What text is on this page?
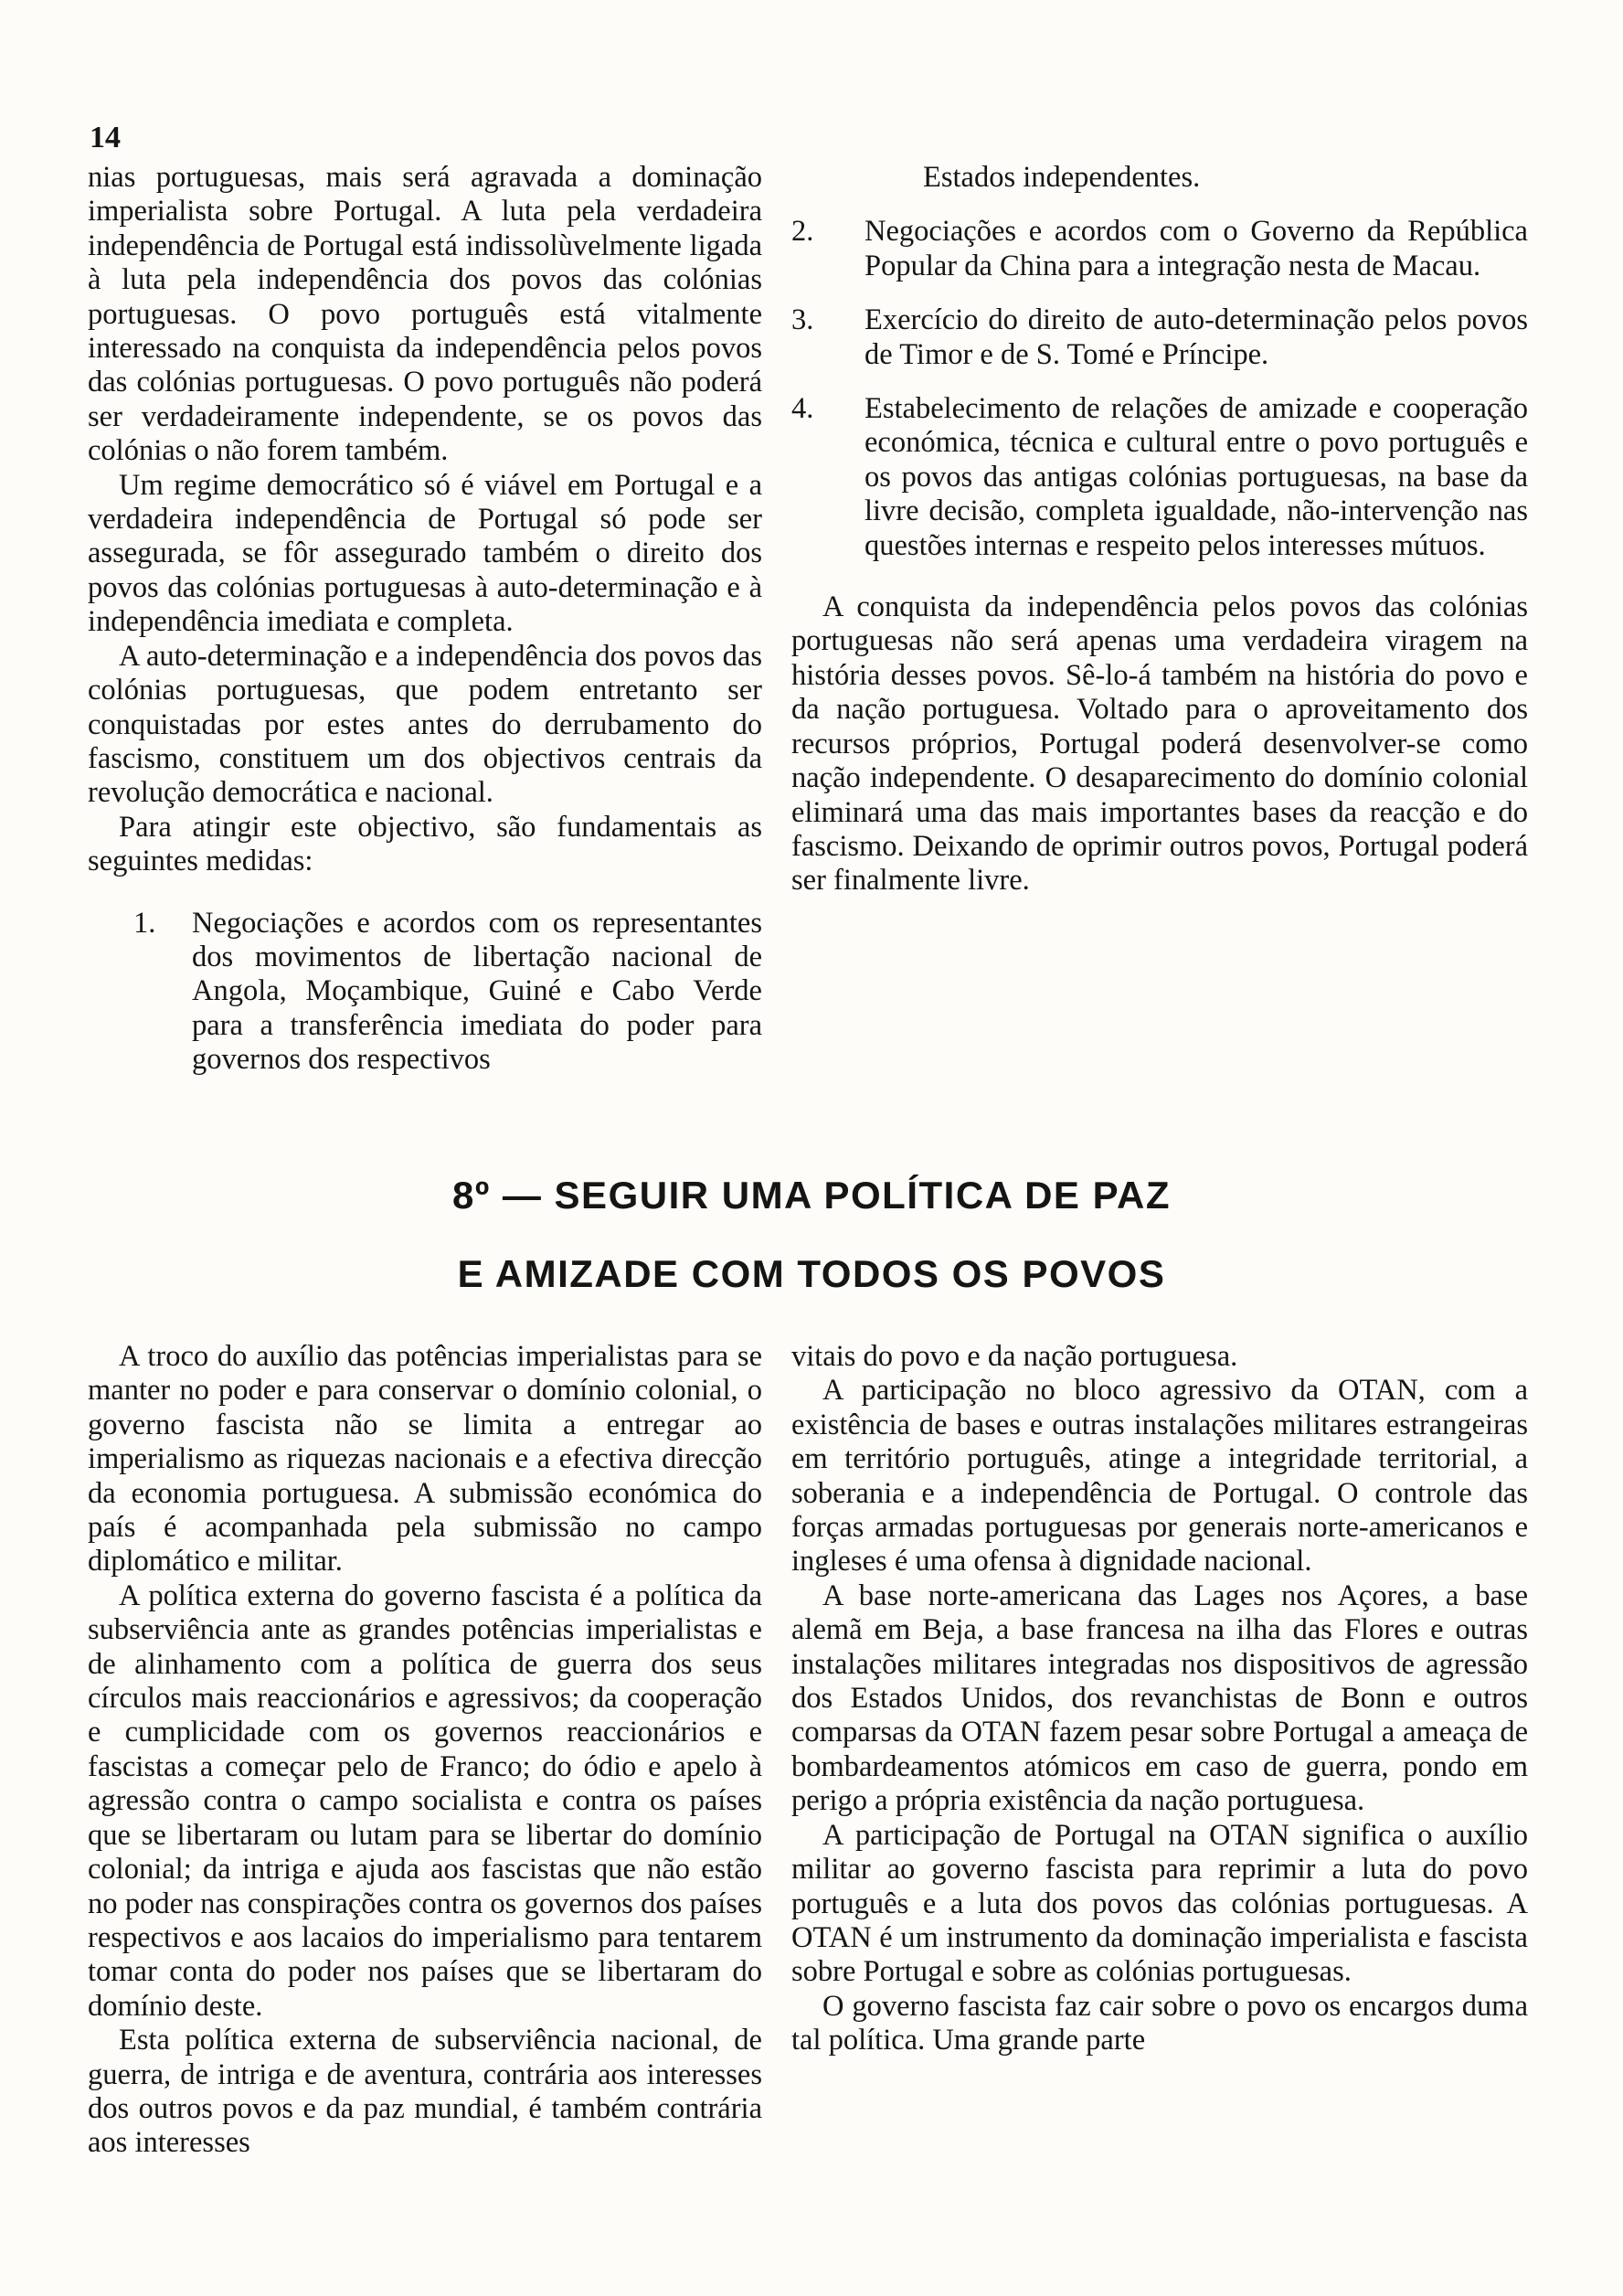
14

nias portuguesas, mais será agravada a dominação imperialista sobre Portugal. A luta pela verdadeira independência de Portugal está indissolùvelmente ligada à luta pela independência dos povos das colónias portuguesas. O povo português está vitalmente interessado na conquista da independência pelos povos das colónias portuguesas. O povo português não poderá ser verdadeiramente independente, se os povos das colónias o não forem também.

Um regime democrático só é viável em Portugal e a verdadeira independência de Portugal só pode ser assegurada, se fôr assegurado também o direito dos povos das colónias portuguesas à auto-determinação e à independência imediata e completa.

A auto-determinação e a independência dos povos das colónias portuguesas, que podem entretanto ser conquistadas por estes antes do derrubamento do fascismo, constituem um dos objectivos centrais da revolução democrática e nacional.

Para atingir este objectivo, são fundamentais as seguintes medidas:

1.	Negociações e acordos com os representantes dos movimentos de libertação nacional de Angola, Moçambique, Guiné e Cabo Verde para a transferência imediata do poder para governos dos respectivos

Estados independentes.

2.	Negociações e acordos com o Governo da República Popular da China para a integração nesta de Macau.
3.	Exercício do direito de auto-determinação pelos povos de Timor e de S. Tomé e Príncipe.
4.	Estabelecimento de relações de amizade e cooperação económica, técnica e cultural entre o povo português e os povos das antigas colónias portuguesas, na base da livre decisão, completa igualdade, não-intervenção nas questões internas e respeito pelos interesses mútuos.

A conquista da independência pelos povos das colónias portuguesas não será apenas uma verdadeira viragem na história desses povos. Sê-lo-á também na história do povo e da nação portuguesa. Voltado para o aproveitamento dos recursos próprios, Portugal poderá desenvolver-se como nação independente. O desaparecimento do domínio colonial eliminará uma das mais importantes bases da reacção e do fascismo. Deixando de oprimir outros povos, Portugal poderá ser finalmente livre.

8º — SEGUIR UMA POLÍTICA DE PAZ
E AMIZADE COM TODOS OS POVOS

A troco do auxílio das potências imperialistas para se manter no poder e para conservar o domínio colonial, o governo fascista não se limita a entregar ao imperialismo as riquezas nacionais e a efectiva direcção da economia portuguesa. A submissão económica do país é acompanhada pela submissão no campo diplomático e militar.

A política externa do governo fascista é a política da subserviência ante as grandes potências imperialistas e de alinhamento com a política de guerra dos seus círculos mais reaccionários e agressivos; da cooperação e cumplicidade com os governos reaccionários e fascistas a começar pelo de Franco; do ódio e apelo à agressão contra o campo socialista e contra os países que se libertaram ou lutam para se libertar do domínio colonial; da intriga e ajuda aos fascistas que não estão no poder nas conspirações contra os governos dos países respectivos e aos lacaios do imperialismo para tentarem tomar conta do poder nos países que se libertaram do domínio deste.

Esta política externa de subserviência nacional, de guerra, de intriga e de aventura, contrária aos interesses dos outros povos e da paz mundial, é também contrária aos interesses

vitais do povo e da nação portuguesa.

A participação no bloco agressivo da OTAN, com a existência de bases e outras instalações militares estrangeiras em território português, atinge a integridade territorial, a soberania e a independência de Portugal. O controle das forças armadas portuguesas por generais norte-americanos e ingleses é uma ofensa à dignidade nacional.

A base norte-americana das Lages nos Açores, a base alemã em Beja, a base francesa na ilha das Flores e outras instalações militares integradas nos dispositivos de agressão dos Estados Unidos, dos revanchistas de Bonn e outros comparsas da OTAN fazem pesar sobre Portugal a ameaça de bombardeamentos atómicos em caso de guerra, pondo em perigo a própria existência da nação portuguesa.

A participação de Portugal na OTAN significa o auxílio militar ao governo fascista para reprimir a luta do povo português e a luta dos povos das colónias portuguesas. A OTAN é um instrumento da dominação imperialista e fascista sobre Portugal e sobre as colónias portuguesas.

O governo fascista faz cair sobre o povo os encargos duma tal política. Uma grande parte
